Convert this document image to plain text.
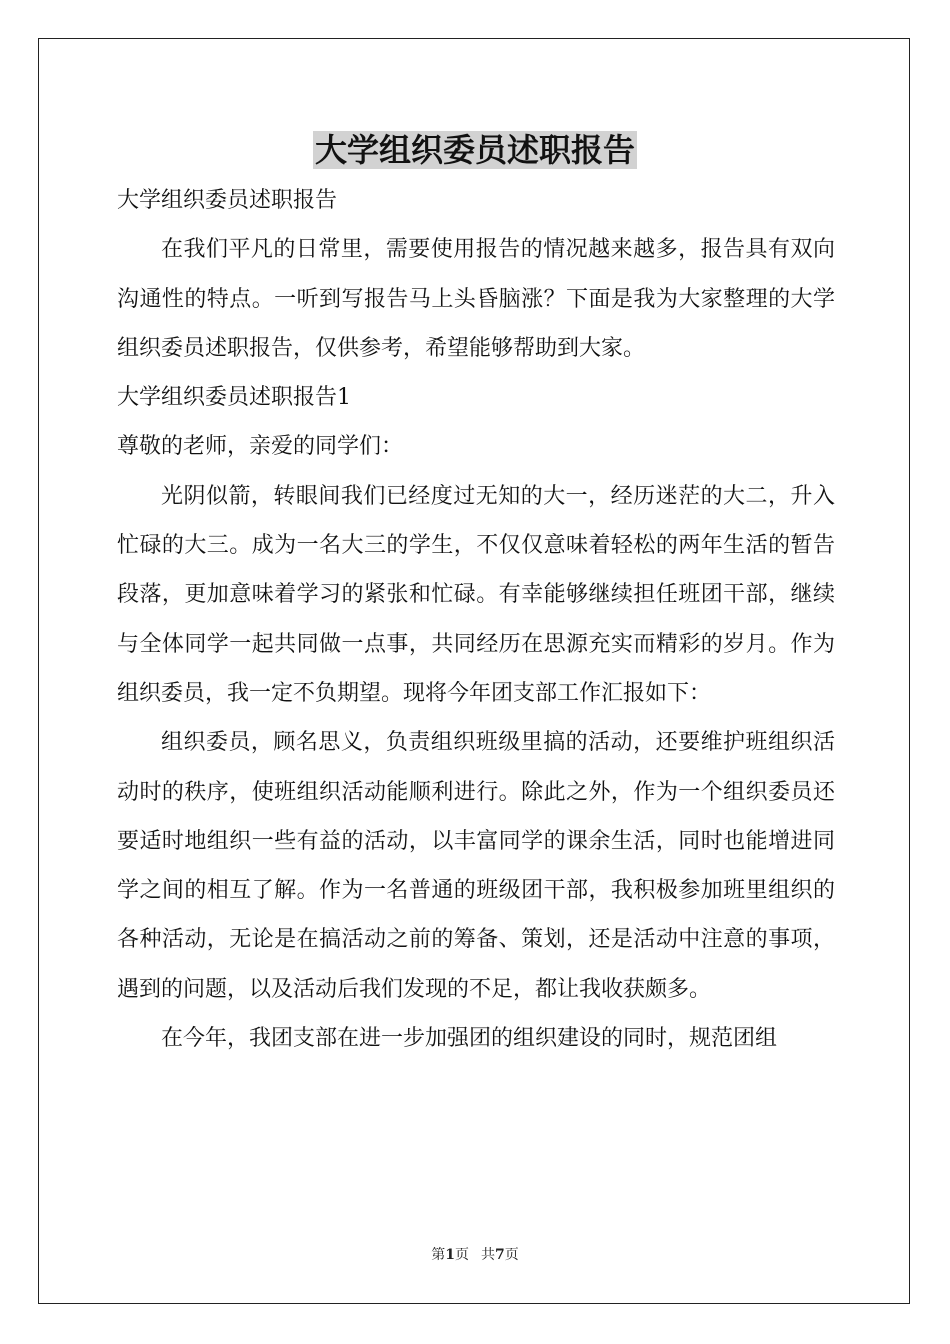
大学组织委员述职报告

大学组织委员述职报告

在我们平凡的日常里，需要使用报告的情况越来越多，报告具有双向沟通性的特点。一听到写报告马上头昏脑涨？下面是我为大家整理的大学组织委员述职报告，仅供参考，希望能够帮助到大家。

大学组织委员述职报告1

尊敬的老师，亲爱的同学们：

光阴似箭，转眼间我们已经度过无知的大一，经历迷茫的大二，升入忙碌的大三。成为一名大三的学生，不仅仅意味着轻松的两年生活的暂告段落，更加意味着学习的紧张和忙碌。有幸能够继续担任班团干部，继续与全体同学一起共同做一点事，共同经历在思源充实而精彩的岁月。作为组织委员，我一定不负期望。现将今年团支部工作汇报如下：

组织委员，顾名思义，负责组织班级里搞的活动，还要维护班组织活动时的秩序，使班组织活动能顺利进行。除此之外，作为一个组织委员还要适时地组织一些有益的活动，以丰富同学的课余生活，同时也能增进同学之间的相互了解。作为一名普通的班级团干部，我积极参加班里组织的各种活动，无论是在搞活动之前的筹备、策划，还是活动中注意的事项，遇到的问题，以及活动后我们发现的不足，都让我收获颇多。

在今年，我团支部在进一步加强团的组织建设的同时，规范团组

第1页 共7页
